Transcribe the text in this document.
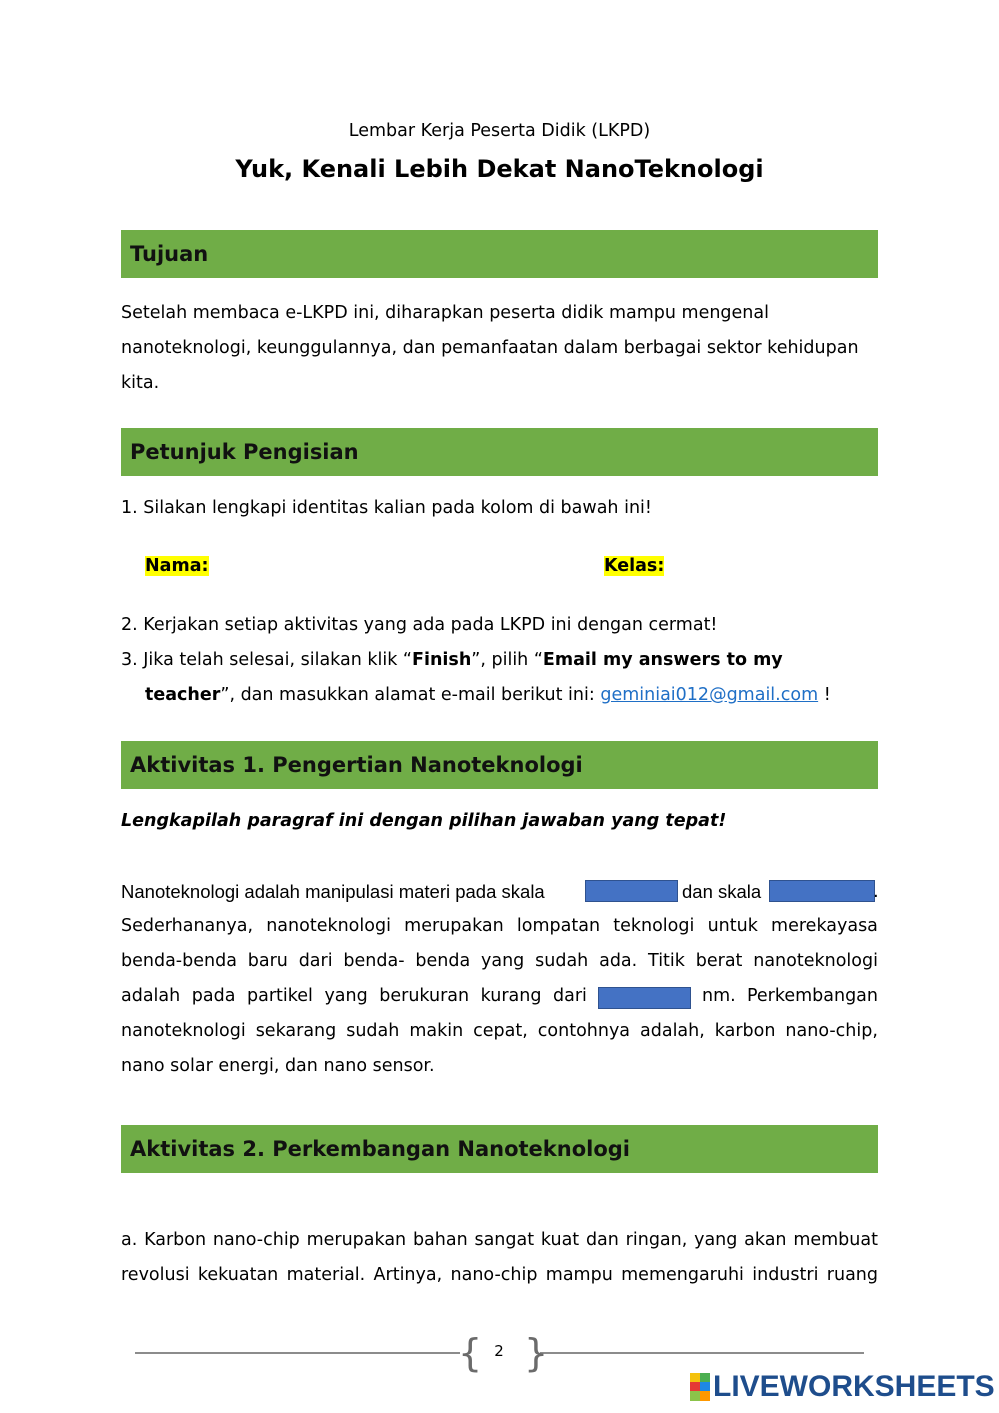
Lembar Kerja Peserta Didik (LKPD)
Yuk, Kenali Lebih Dekat NanoTeknologi
Tujuan
Setelah membaca e-LKPD ini, diharapkan peserta didik mampu mengenal nanoteknologi, keunggulannya, dan pemanfaatan dalam berbagai sektor kehidupan kita.
Petunjuk Pengisian
1. Silakan lengkapi identitas kalian pada kolom di bawah ini!
Nama:	Kelas:
2. Kerjakan setiap aktivitas yang ada pada LKPD ini dengan cermat!
3. Jika telah selesai, silakan klik “Finish”, pilih “Email my answers to my
teacher”, dan masukkan alamat e-mail berikut ini: geminiai012@gmail.com !
Aktivitas 1. Pengertian Nanoteknologi
Lengkapilah paragraf ini dengan pilihan jawaban yang tepat!
Nanoteknologi adalah manipulasi materi pada skala	dan skala	.
Sederhananya, nanoteknologi merupakan lompatan teknologi untuk merekayasa
benda-benda baru dari benda- benda yang sudah ada. Titik berat nanoteknologi
adalah pada partikel yang berukuran kurang dari	nm. Perkembangan
nanoteknologi sekarang sudah makin cepat, contohnya adalah, karbon nano-chip,
nano solar energi, dan nano sensor.
Aktivitas 2. Perkembangan Nanoteknologi
a. Karbon nano-chip merupakan bahan sangat kuat dan ringan, yang akan membuat
revolusi kekuatan material. Artinya, nano-chip mampu memengaruhi industri ruang
{ }
2
LIVEWORKSHEETS
